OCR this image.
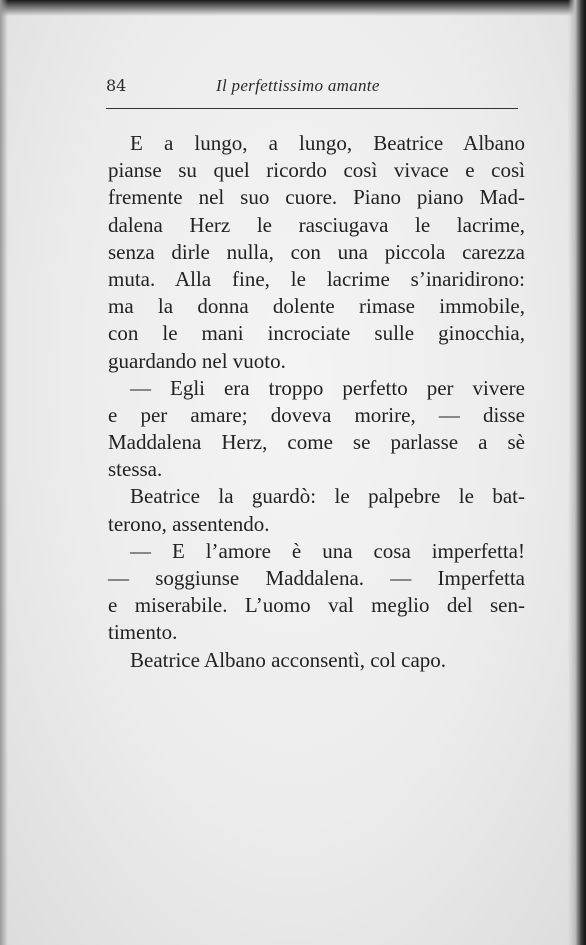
84	Il perfettissimo amante
E a lungo, a lungo, Beatrice Albano
pianse su quel ricordo così vivace e così
fremente nel suo cuore. Piano piano Mad-
dalena Herz le rasciugava le lacrime,
senza dirle nulla, con una piccola carezza
muta. Alla fine, le lacrime s’inaridirono:
ma la donna dolente rimase immobile,
con le mani incrociate sulle ginocchia,
guardando nel vuoto.
— Egli era troppo perfetto per vivere
e per amare; doveva morire, — disse
Maddalena Herz, come se parlasse a sè
stessa.
Beatrice la guardò: le palpebre le bat-
terono, assentendo.
— E l’amore è una cosa imperfetta!
— soggiunse Maddalena. — Imperfetta
e miserabile. L’uomo val meglio del sen-
timento.
Beatrice Albano acconsentì, col capo.
